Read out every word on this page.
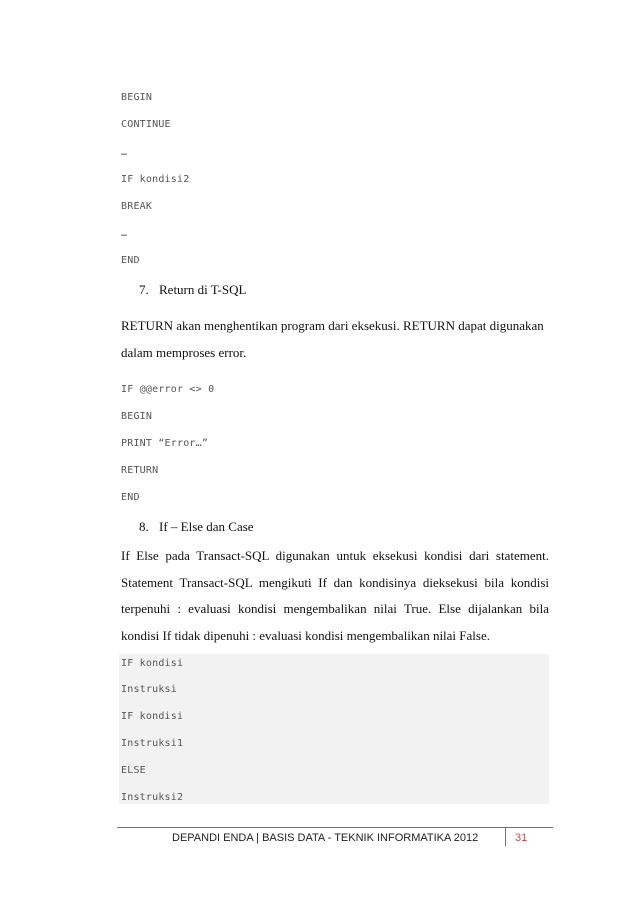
BEGIN
CONTINUE
…
IF kondisi2
BREAK
…
END
7. Return di T-SQL
RETURN akan menghentikan program dari eksekusi. RETURN dapat digunakan
dalam memproses error.
IF @@error <> 0
BEGIN
PRINT “Error…”
RETURN
END
8. If – Else dan Case
If Else pada Transact-SQL digunakan untuk eksekusi kondisi dari statement.
Statement Transact-SQL mengikuti If dan kondisinya dieksekusi bila kondisi
terpenuhi : evaluasi kondisi mengembalikan nilai True. Else dijalankan bila
kondisi If tidak dipenuhi : evaluasi kondisi mengembalikan nilai False.
IF kondisi
Instruksi
IF kondisi
Instruksi1
ELSE
Instruksi2
DEPANDI ENDA | BASIS DATA - TEKNIK INFORMATIKA 2012	31
